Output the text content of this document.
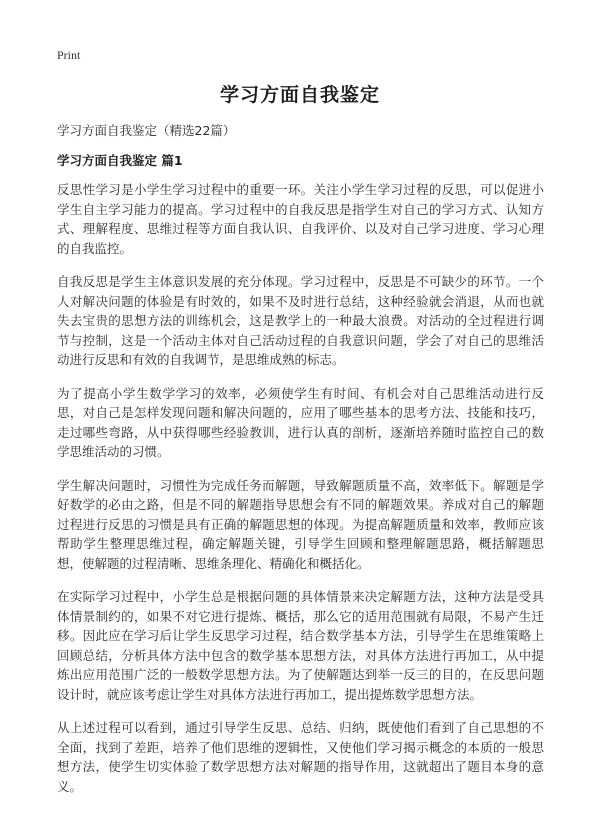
Print
学习方面自我鉴定
学习方面自我鉴定（精选22篇）
学习方面自我鉴定 篇1

反思性学习是小学生学习过程中的重要一环。关注小学生学习过程的反思，可以促进小学生自主学习能力的提高。学习过程中的自我反思是指学生对自己的学习方式、认知方式、理解程度、思维过程等方面自我认识、自我评价、以及对自己学习进度、学习心理的自我监控。

自我反思是学生主体意识发展的充分体现。学习过程中，反思是不可缺少的环节。一个人对解决问题的体验是有时效的，如果不及时进行总结，这种经验就会消退，从而也就失去宝贵的思想方法的训练机会，这是教学上的一种最大浪费。对活动的全过程进行调节与控制，这是一个活动主体对自己活动过程的自我意识问题，学会了对自己的思维活动进行反思和有效的自我调节，是思维成熟的标志。

为了提高小学生数学学习的效率，必须使学生有时间、有机会对自己思维活动进行反思，对自己是怎样发现问题和解决问题的，应用了哪些基本的思考方法、技能和技巧，走过哪些弯路，从中获得哪些经验教训，进行认真的剖析，逐渐培养随时监控自己的数学思维活动的习惯。

学生解决问题时，习惯性为完成任务而解题，导致解题质量不高，效率低下。解题是学好数学的必由之路，但是不同的解题指导思想会有不同的解题效果。养成对自己的解题过程进行反思的习惯是具有正确的解题思想的体现。为提高解题质量和效率，教师应该帮助学生整理思维过程，确定解题关键，引导学生回顾和整理解题思路，概括解题思想，使解题的过程清晰、思维条理化、精确化和概括化。

在实际学习过程中，小学生总是根据问题的具体情景来决定解题方法，这种方法是受具体情景制约的，如果不对它进行提炼、概括，那么它的适用范围就有局限，不易产生迁移。因此应在学习后让学生反思学习过程，结合数学基本方法，引导学生在思维策略上回顾总结，分析具体方法中包含的数学基本思想方法，对具体方法进行再加工，从中提炼出应用范围广泛的一般数学思想方法。为了使解题达到举一反三的目的，在反思问题设计时，就应该考虑让学生对具体方法进行再加工，提出提炼数学思想方法。

从上述过程可以看到，通过引导学生反思、总结、归纳，既使他们看到了自己思想的不全面，找到了差距，培养了他们思维的逻辑性，又使他们学习揭示概念的本质的一般思想方法，使学生切实体验了数学思想方法对解题的指导作用，这就超出了题目本身的意义。
